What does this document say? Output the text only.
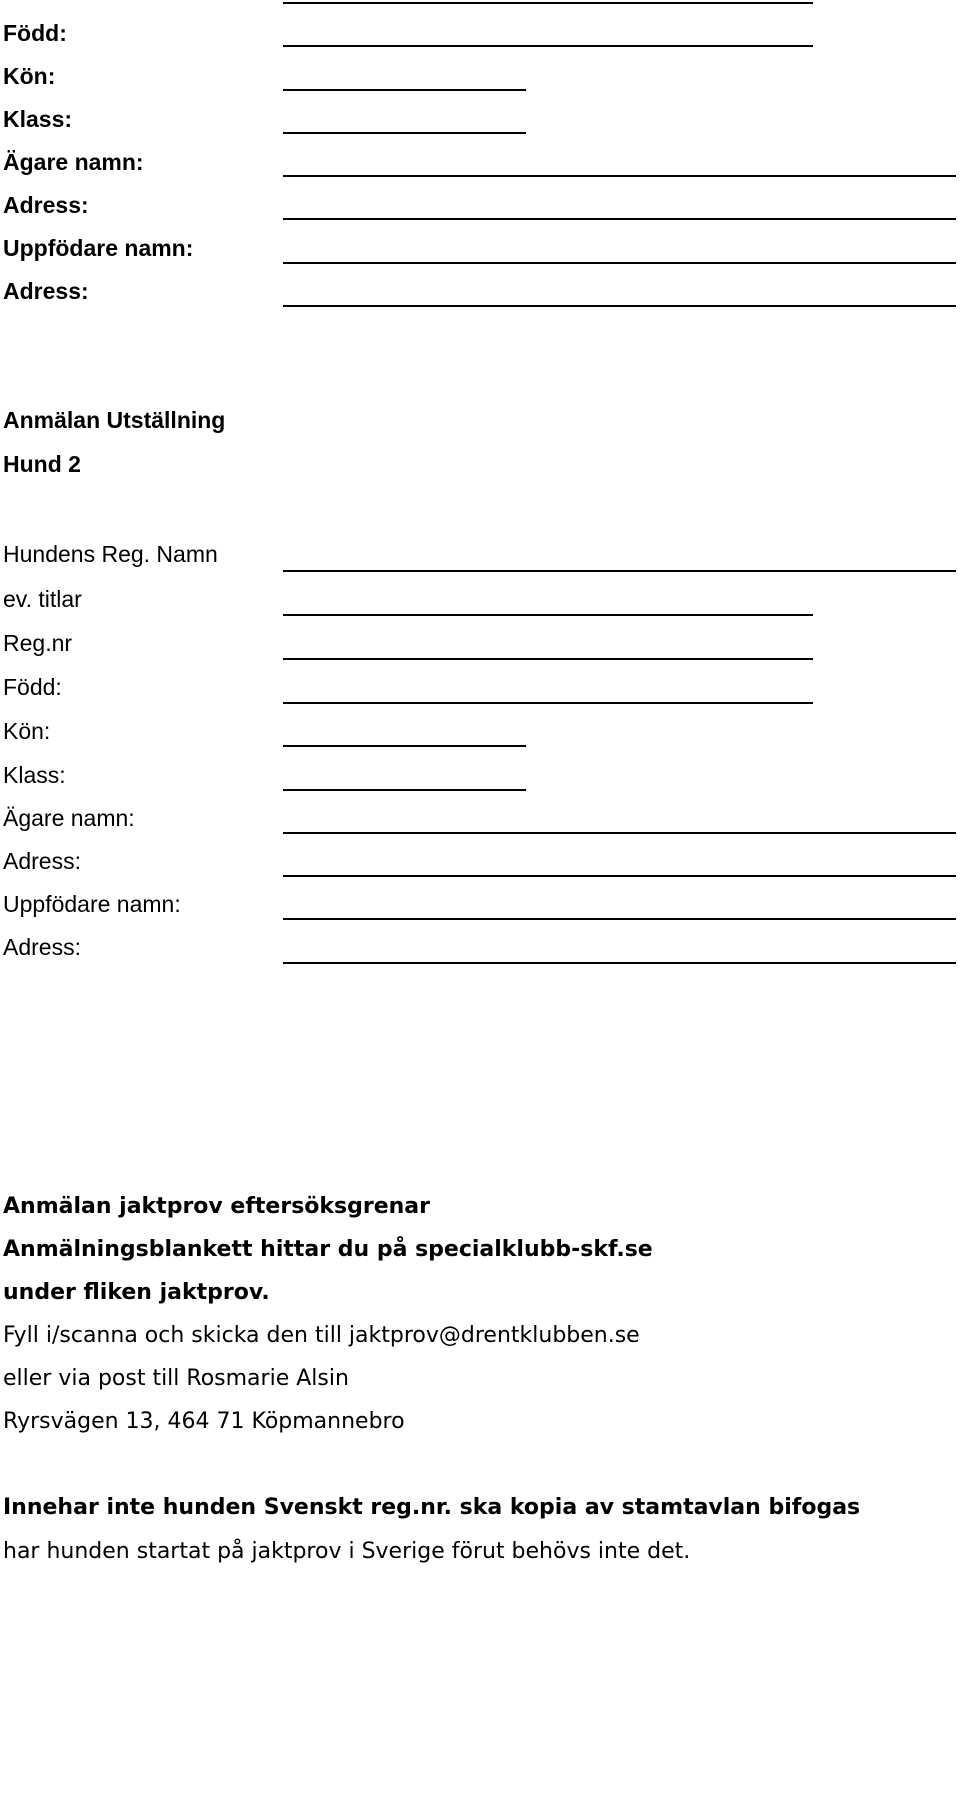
Född:
Kön:
Klass:
Ägare namn:
Adress:
Uppfödare namn:
Adress:
Anmälan Utställning
Hund 2
Hundens Reg. Namn
ev. titlar
Reg.nr
Född:
Kön:
Klass:
Ägare namn:
Adress:
Uppfödare namn:
Adress:
Anmälan jaktprov eftersöksgrenar
Anmälningsblankett hittar du på specialklubb-skf.se
under fliken jaktprov.
Fyll i/scanna och skicka den till jaktprov@drentklubben.se
eller via post till Rosmarie Alsin
Ryrsvägen 13, 464 71 Köpmannebro
Innehar inte hunden Svenskt reg.nr. ska kopia av stamtavlan bifogas
har hunden startat på jaktprov i Sverige förut behövs inte det.
